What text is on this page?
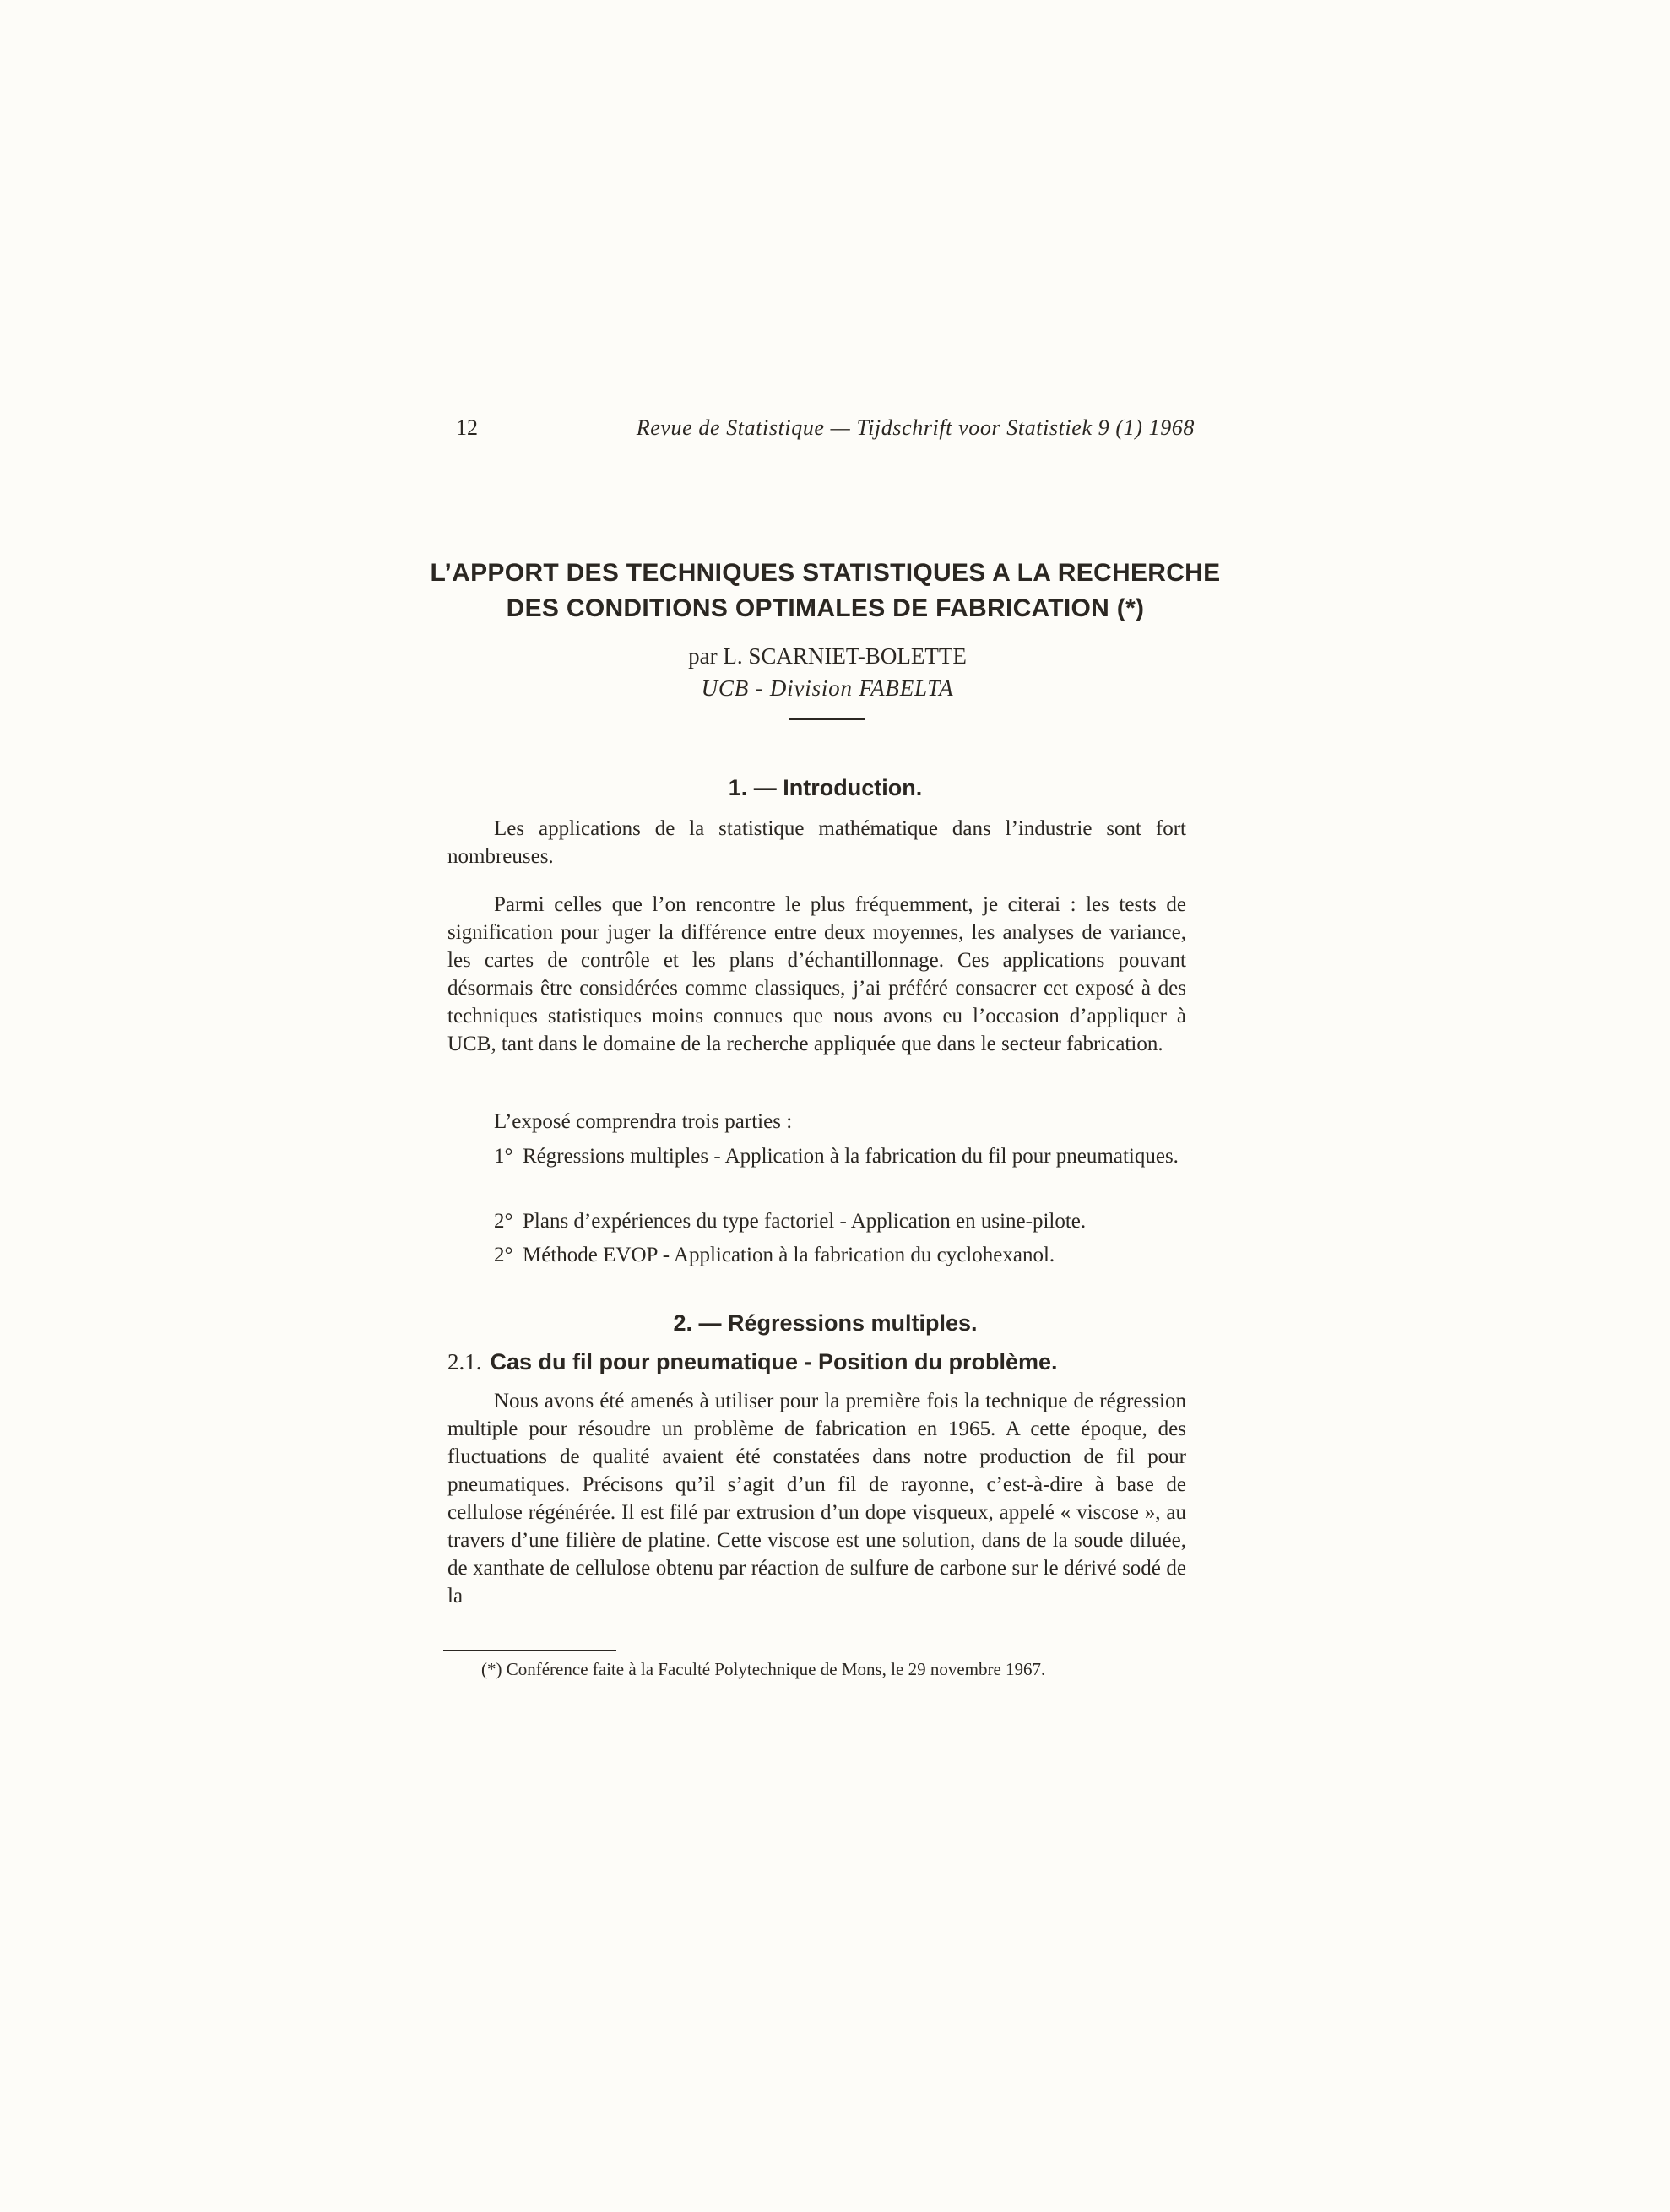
12	Revue de Statistique — Tijdschrift voor Statistiek 9 (1) 1968
L’APPORT DES TECHNIQUES STATISTIQUES A LA RECHERCHE
DES CONDITIONS OPTIMALES DE FABRICATION (*)
par L. SCARNIET-BOLETTE
UCB - Division FABELTA
1. — Introduction.

Les applications de la statistique mathématique dans l’industrie sont fort nombreuses.

Parmi celles que l’on rencontre le plus fréquemment, je citerai : les tests de signification pour juger la différence entre deux moyennes, les analyses de variance, les cartes de contrôle et les plans d’échantillonnage. Ces applications pouvant désormais être considérées comme classiques, j’ai préféré consacrer cet exposé à des techniques statistiques moins connues que nous avons eu l’occasion d’appliquer à UCB, tant dans le domaine de la recherche appliquée que dans le secteur fabrication.

L’exposé comprendra trois parties :
1° Régressions multiples - Application à la fabrication du fil pour pneumatiques.
2° Plans d’expériences du type factoriel - Application en usine-pilote.
2° Méthode EVOP - Application à la fabrication du cyclohexanol.
2. — Régressions multiples.
2.1. Cas du fil pour pneumatique - Position du problème.

Nous avons été amenés à utiliser pour la première fois la technique de régression multiple pour résoudre un problème de fabrication en 1965. A cette époque, des fluctuations de qualité avaient été constatées dans notre production de fil pour pneumatiques. Précisons qu’il s’agit d’un fil de rayonne, c’est-à-dire à base de cellulose régénérée. Il est filé par extrusion d’un dope visqueux, appelé « viscose », au travers d’une filière de platine. Cette viscose est une solution, dans de la soude diluée, de xanthate de cellulose obtenu par réaction de sulfure de carbone sur le dérivé sodé de la

(*) Conférence faite à la Faculté Polytechnique de Mons, le 29 novembre 1967.
